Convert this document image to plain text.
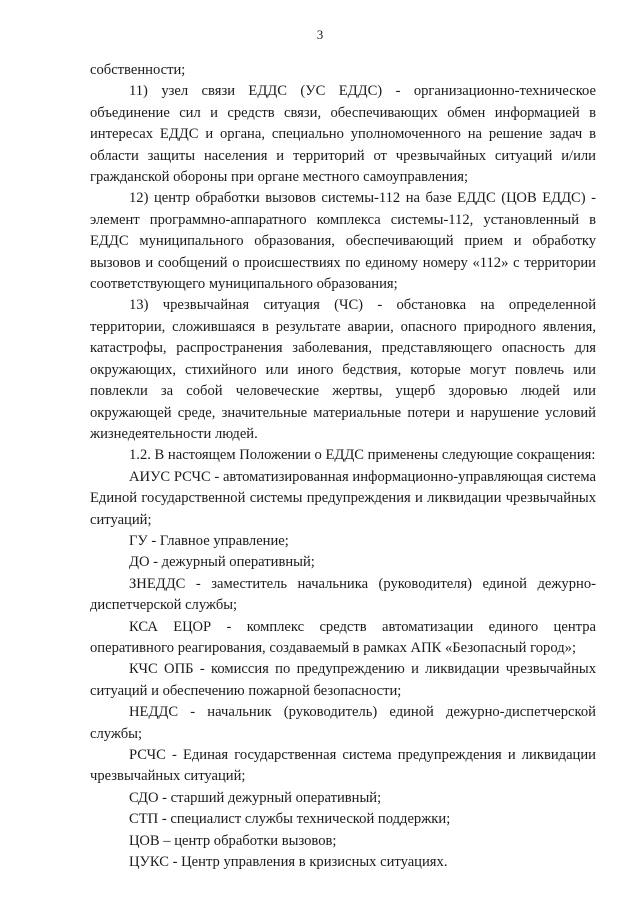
3

собственности;

11) узел связи ЕДДС (УС ЕДДС) - организационно-техническое объединение сил и средств связи, обеспечивающих обмен информацией в интересах ЕДДС и органа, специально уполномоченного на решение задач в области защиты населения и территорий от чрезвычайных ситуаций и/или гражданской обороны при органе местного самоуправления;

12) центр обработки вызовов системы-112 на базе ЕДДС (ЦОВ ЕДДС) - элемент программно-аппаратного комплекса системы-112, установленный в ЕДДС муниципального образования, обеспечивающий прием и обработку вызовов и сообщений о происшествиях по единому номеру «112» с территории соответствующего муниципального образования;

13) чрезвычайная ситуация (ЧС) - обстановка на определенной территории, сложившаяся в результате аварии, опасного природного явления, катастрофы, распространения заболевания, представляющего опасность для окружающих, стихийного или иного бедствия, которые могут повлечь или повлекли за собой человеческие жертвы, ущерб здоровью людей или окружающей среде, значительные материальные потери и нарушение условий жизнедеятельности людей.

1.2. В настоящем Положении о ЕДДС применены следующие сокращения:

АИУС РСЧС - автоматизированная информационно-управляющая система Единой государственной системы предупреждения и ликвидации чрезвычайных ситуаций;

ГУ - Главное управление;

ДО - дежурный оперативный;

ЗНЕДДС - заместитель начальника (руководителя) единой дежурно-диспетчерской службы;

КСА ЕЦОР - комплекс средств автоматизации единого центра оперативного реагирования, создаваемый в рамках АПК «Безопасный город»;

КЧС ОПБ - комиссия по предупреждению и ликвидации чрезвычайных ситуаций и обеспечению пожарной безопасности;

НЕДДС - начальник (руководитель) единой дежурно-диспетчерской службы;

РСЧС - Единая государственная система предупреждения и ликвидации чрезвычайных ситуаций;

СДО - старший дежурный оперативный;

СТП - специалист службы технической поддержки;

ЦОВ – центр обработки вызовов;

ЦУКС - Центр управления в кризисных ситуациях.
